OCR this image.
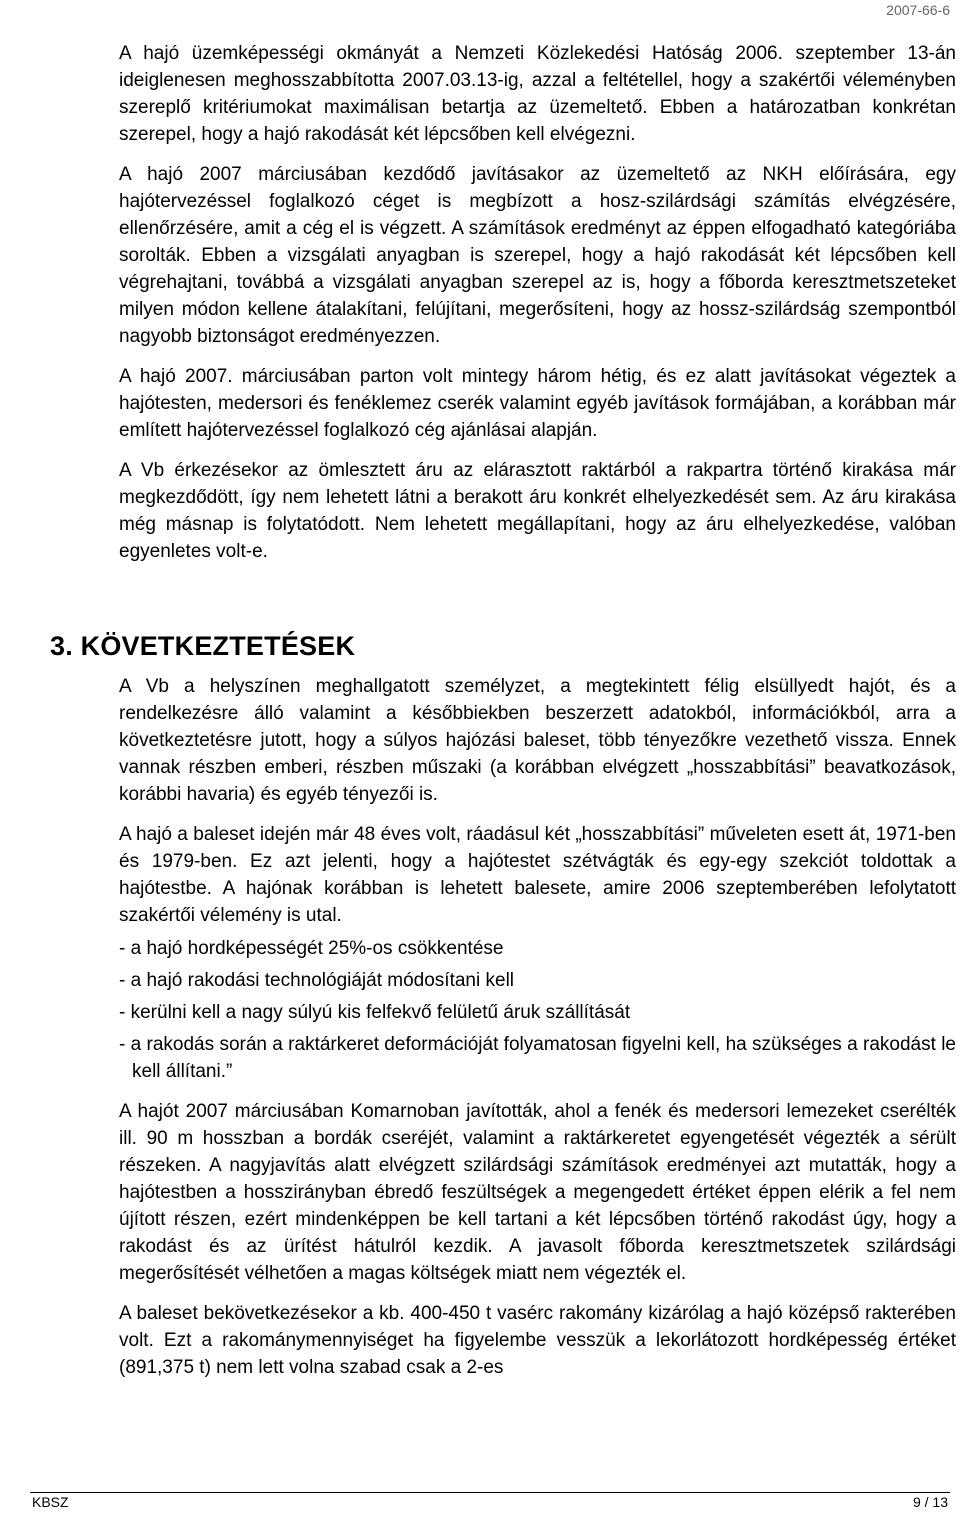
2007-66-6

A hajó üzemképességi okmányát a Nemzeti Közlekedési Hatóság 2006. szeptember 13-án ideiglenesen meghosszabbította 2007.03.13-ig, azzal a feltétellel, hogy a szakértői véleményben szereplő kritériumokat maximálisan betartja az üzemeltető. Ebben a határozatban konkrétan szerepel, hogy a hajó rakodását két lépcsőben kell elvégezni.

A hajó 2007 márciusában kezdődő javításakor az üzemeltető az NKH előírására, egy hajótervezéssel foglalkozó céget is megbízott a hosz-szilárdsági számítás elvégzésére, ellenőrzésére, amit a cég el is végzett. A számítások eredményt az éppen elfogadható kategóriába sorolták. Ebben a vizsgálati anyagban is szerepel, hogy a hajó rakodását két lépcsőben kell végrehajtani, továbbá a vizsgálati anyagban szerepel az is, hogy a főborda keresztmetszeteket milyen módon kellene átalakítani, felújítani, megerősíteni, hogy az hossz-szilárdság szempontból nagyobb biztonságot eredményezzen.

A hajó 2007. márciusában parton volt mintegy három hétig, és ez alatt javításokat végeztek a hajótesten, medersori és fenéklemez cserék valamint egyéb javítások formájában, a korábban már említett hajótervezéssel foglalkozó cég ajánlásai alapján.

A Vb érkezésekor az ömlesztett áru az elárasztott raktárból a rakpartra történő kirakása már megkezdődött, így nem lehetett látni a berakott áru konkrét elhelyezkedését sem. Az áru kirakása még másnap is folytatódott. Nem lehetett megállapítani, hogy az áru elhelyezkedése, valóban egyenletes volt-e.

3. KÖVETKEZTETÉSEK

A Vb a helyszínen meghallgatott személyzet, a megtekintett félig elsüllyedt hajót, és a rendelkezésre álló valamint a későbbiekben beszerzett adatokból, információkból, arra a következtetésre jutott, hogy a súlyos hajózási baleset, több tényezőkre vezethető vissza. Ennek vannak részben emberi, részben műszaki (a korábban elvégzett „hosszabbítási” beavatkozások, korábbi havaria) és egyéb tényezői is.

A hajó a baleset idején már 48 éves volt, ráadásul két „hosszabbítási” műveleten esett át, 1971-ben és 1979-ben. Ez azt jelenti, hogy a hajótestet szétvágták és egy-egy szekciót toldottak a hajótestbe. A hajónak korábban is lehetett balesete, amire 2006 szeptemberében lefolytatott szakértői vélemény is utal.

- a hajó hordképességét 25%-os csökkentése
- a hajó rakodási technológiáját módosítani kell
- kerülni kell a nagy súlyú kis felfekvő felületű áruk szállítását
- a rakodás során a raktárkeret deformációját folyamatosan figyelni kell, ha szükséges a rakodást le kell állítani.”

A hajót 2007 márciusában Komarnoban javították, ahol a fenék és medersori lemezeket cserélték ill. 90 m hosszban a bordák cseréjét, valamint a raktárkeretet egyengetését végezték a sérült részeken. A nagyjavítás alatt elvégzett szilárdsági számítások eredményei azt mutatták, hogy a hajótestben a hosszirányban ébredő feszültségek a megengedett értéket éppen elérik a fel nem újított részen, ezért mindenképpen be kell tartani a két lépcsőben történő rakodást úgy, hogy a rakodást és az ürítést hátulról kezdik. A javasolt főborda keresztmetszetek szilárdsági megerősítését vélhetően a magas költségek miatt nem végezték el.

A baleset bekövetkezésekor a kb. 400-450 t vasérc rakomány kizárólag a hajó középső rakterében volt. Ezt a rakománymennyiséget ha figyelembe vesszük a lekorlátozott hordképesség értéket (891,375 t) nem lett volna szabad csak a 2-es

KBSZ	9 / 13
